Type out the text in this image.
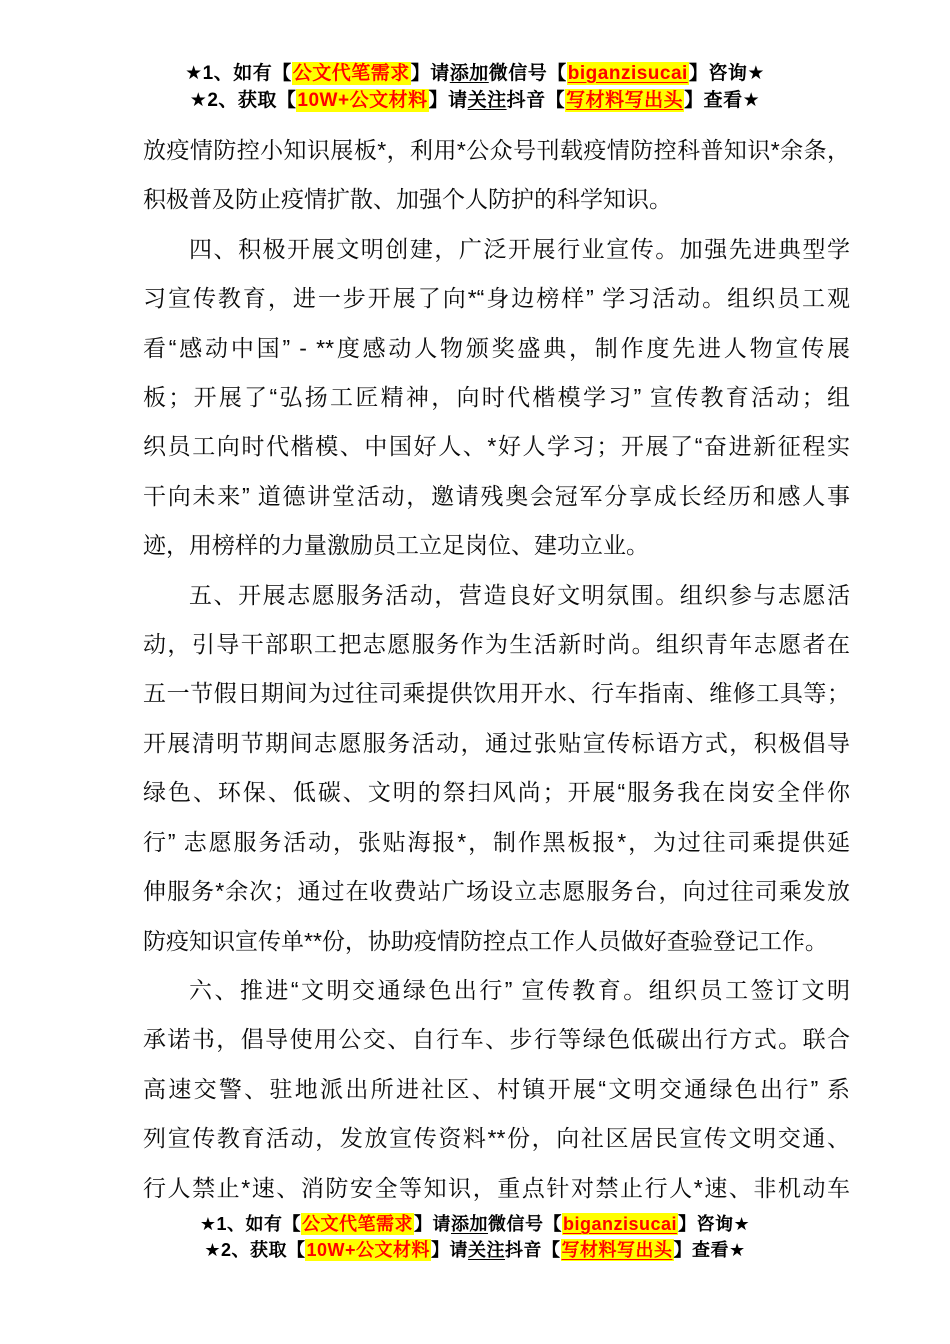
★1、如有【公文代笔需求】请添加微信号【biganzisucai】咨询★
★2、获取【10W+公文材料】请关注抖音【写材料写出头】查看★
放疫情防控小知识展板*，利用*公众号刊载疫情防控科普知识*余条，
积极普及防止疫情扩散、加强个人防护的科学知识。
四、积极开展文明创建，广泛开展行业宣传。加强先进典型学
习宣传教育，进一步开展了向*“身边榜样” 学习活动。组织员工观
看“感动中国” - **度感动人物颁奖盛典，制作度先进人物宣传展
板；开展了“弘扬工匠精神，向时代楷模学习” 宣传教育活动；组
织员工向时代楷模、中国好人、*好人学习；开展了“奋进新征程实
干向未来” 道德讲堂活动，邀请残奥会冠军分享成长经历和感人事
迹，用榜样的力量激励员工立足岗位、建功立业。
五、开展志愿服务活动，营造良好文明氛围。组织参与志愿活
动，引导干部职工把志愿服务作为生活新时尚。组织青年志愿者在
五一节假日期间为过往司乘提供饮用开水、行车指南、维修工具等；
开展清明节期间志愿服务活动，通过张贴宣传标语方式，积极倡导
绿色、环保、低碳、文明的祭扫风尚；开展“服务我在岗安全伴你
行” 志愿服务活动，张贴海报*，制作黑板报*，为过往司乘提供延
伸服务*余次；通过在收费站广场设立志愿服务台，向过往司乘发放
防疫知识宣传单**份，协助疫情防控点工作人员做好查验登记工作。
六、推进“文明交通绿色出行” 宣传教育。组织员工签订文明
承诺书，倡导使用公交、自行车、步行等绿色低碳出行方式。联合
高速交警、驻地派出所进社区、村镇开展“文明交通绿色出行” 系
列宣传教育活动，发放宣传资料**份，向社区居民宣传文明交通、
行人禁止*速、消防安全等知识，重点针对禁止行人*速、非机动车
★1、如有【公文代笔需求】请添加微信号【biganzisucai】咨询★
★2、获取【10W+公文材料】请关注抖音【写材料写出头】查看★
